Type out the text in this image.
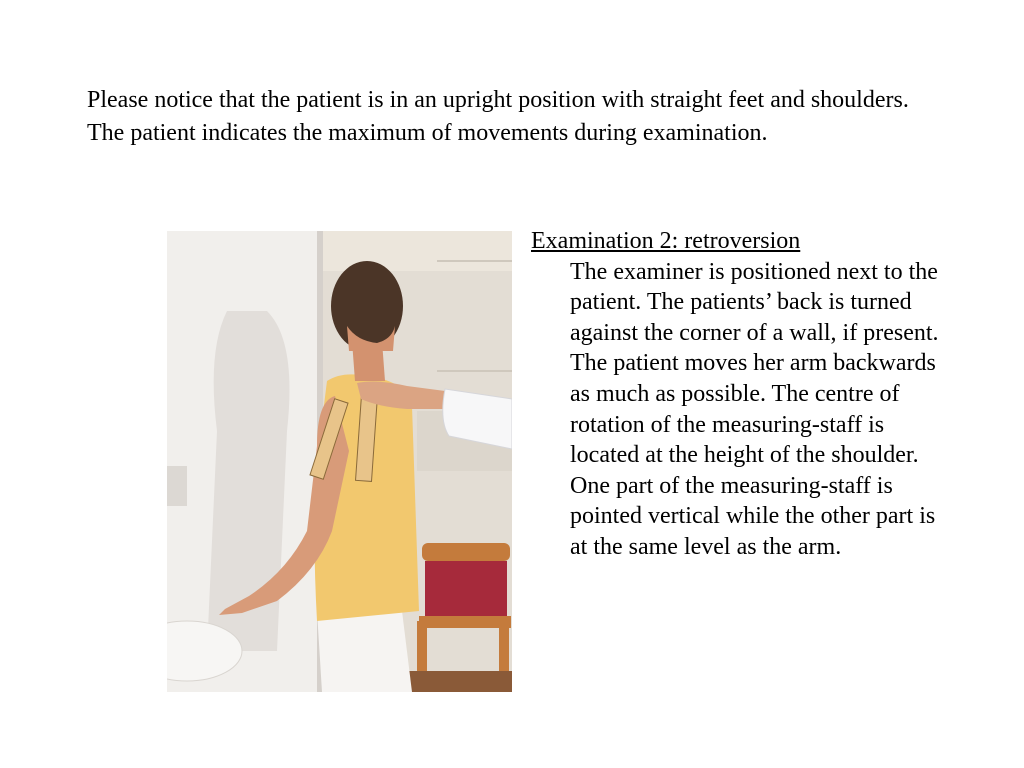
Please notice that the patient is in an upright position with straight feet and shoulders. The patient indicates the maximum of movements during examination.

Examination 2: retroversion

The examiner is positioned next to the patient. The patients’ back is turned against the corner of a wall, if present. The patient moves her arm backwards as much as possible. The centre of rotation of the measuring-staff is located at the height of the shoulder. One part of the measuring-staff is pointed vertical while the other part is at the same level as the arm.
